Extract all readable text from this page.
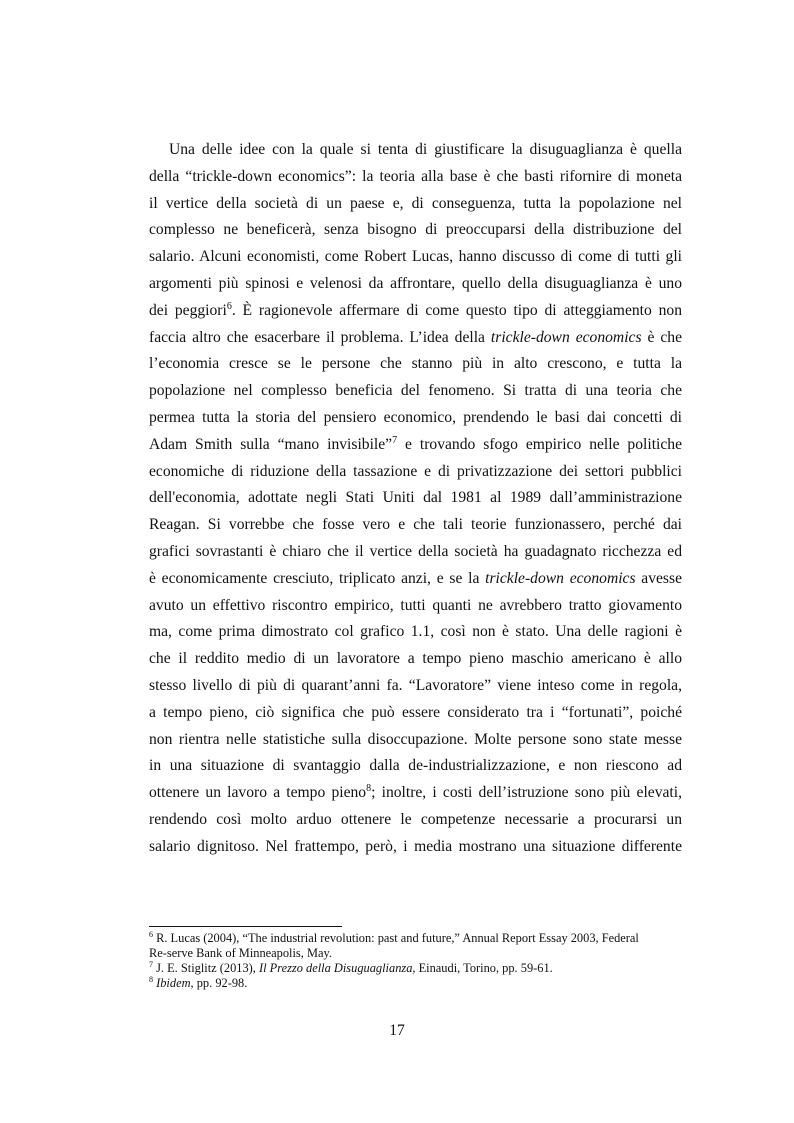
Una delle idee con la quale si tenta di giustificare la disuguaglianza è quella
della “trickle-down economics”: la teoria alla base è che basti rifornire di moneta
il vertice della società di un paese e, di conseguenza, tutta la popolazione nel
complesso ne beneficerà, senza bisogno di preoccuparsi della distribuzione del
salario. Alcuni economisti, come Robert Lucas, hanno discusso di come di tutti gli
argomenti più spinosi e velenosi da affrontare, quello della disuguaglianza è uno
dei peggiori$^6$. È ragionevole affermare di come questo tipo di atteggiamento non
faccia altro che esacerbare il problema. L’idea della trickle-down economics è che
l’economia cresce se le persone che stanno più in alto crescono, e tutta la
popolazione nel complesso beneficia del fenomeno. Si tratta di una teoria che
permea tutta la storia del pensiero economico, prendendo le basi dai concetti di
Adam Smith sulla “mano invisibile”$^7$ e trovando sfogo empirico nelle politiche
economiche di riduzione della tassazione e di privatizzazione dei settori pubblici
dell'economia, adottate negli Stati Uniti dal 1981 al 1989 dall’amministrazione
Reagan. Si vorrebbe che fosse vero e che tali teorie funzionassero, perché dai
grafici sovrastanti è chiaro che il vertice della società ha guadagnato ricchezza ed
è economicamente cresciuto, triplicato anzi, e se la trickle-down economics avesse
avuto un effettivo riscontro empirico, tutti quanti ne avrebbero tratto giovamento
ma, come prima dimostrato col grafico 1.1, così non è stato. Una delle ragioni è
che il reddito medio di un lavoratore a tempo pieno maschio americano è allo
stesso livello di più di quarant’anni fa. “Lavoratore” viene inteso come in regola,
a tempo pieno, ciò significa che può essere considerato tra i “fortunati”, poiché
non rientra nelle statistiche sulla disoccupazione. Molte persone sono state messe
in una situazione di svantaggio dalla de-industrializzazione, e non riescono ad
ottenere un lavoro a tempo pieno$^8$; inoltre, i costi dell’istruzione sono più elevati,
rendendo così molto arduo ottenere le competenze necessarie a procurarsi un
salario dignitoso. Nel frattempo, però, i media mostrano una situazione differente
$^6$ R. Lucas (2004), “The industrial revolution: past and future,” Annual Report Essay 2003, Federal
Re-serve Bank of Minneapolis, May.
$^7$ J. E. Stiglitz (2013), Il Prezzo della Disuguaglianza, Einaudi, Torino, pp. 59-61.
$^8$ Ibidem, pp. 92-98.
17
